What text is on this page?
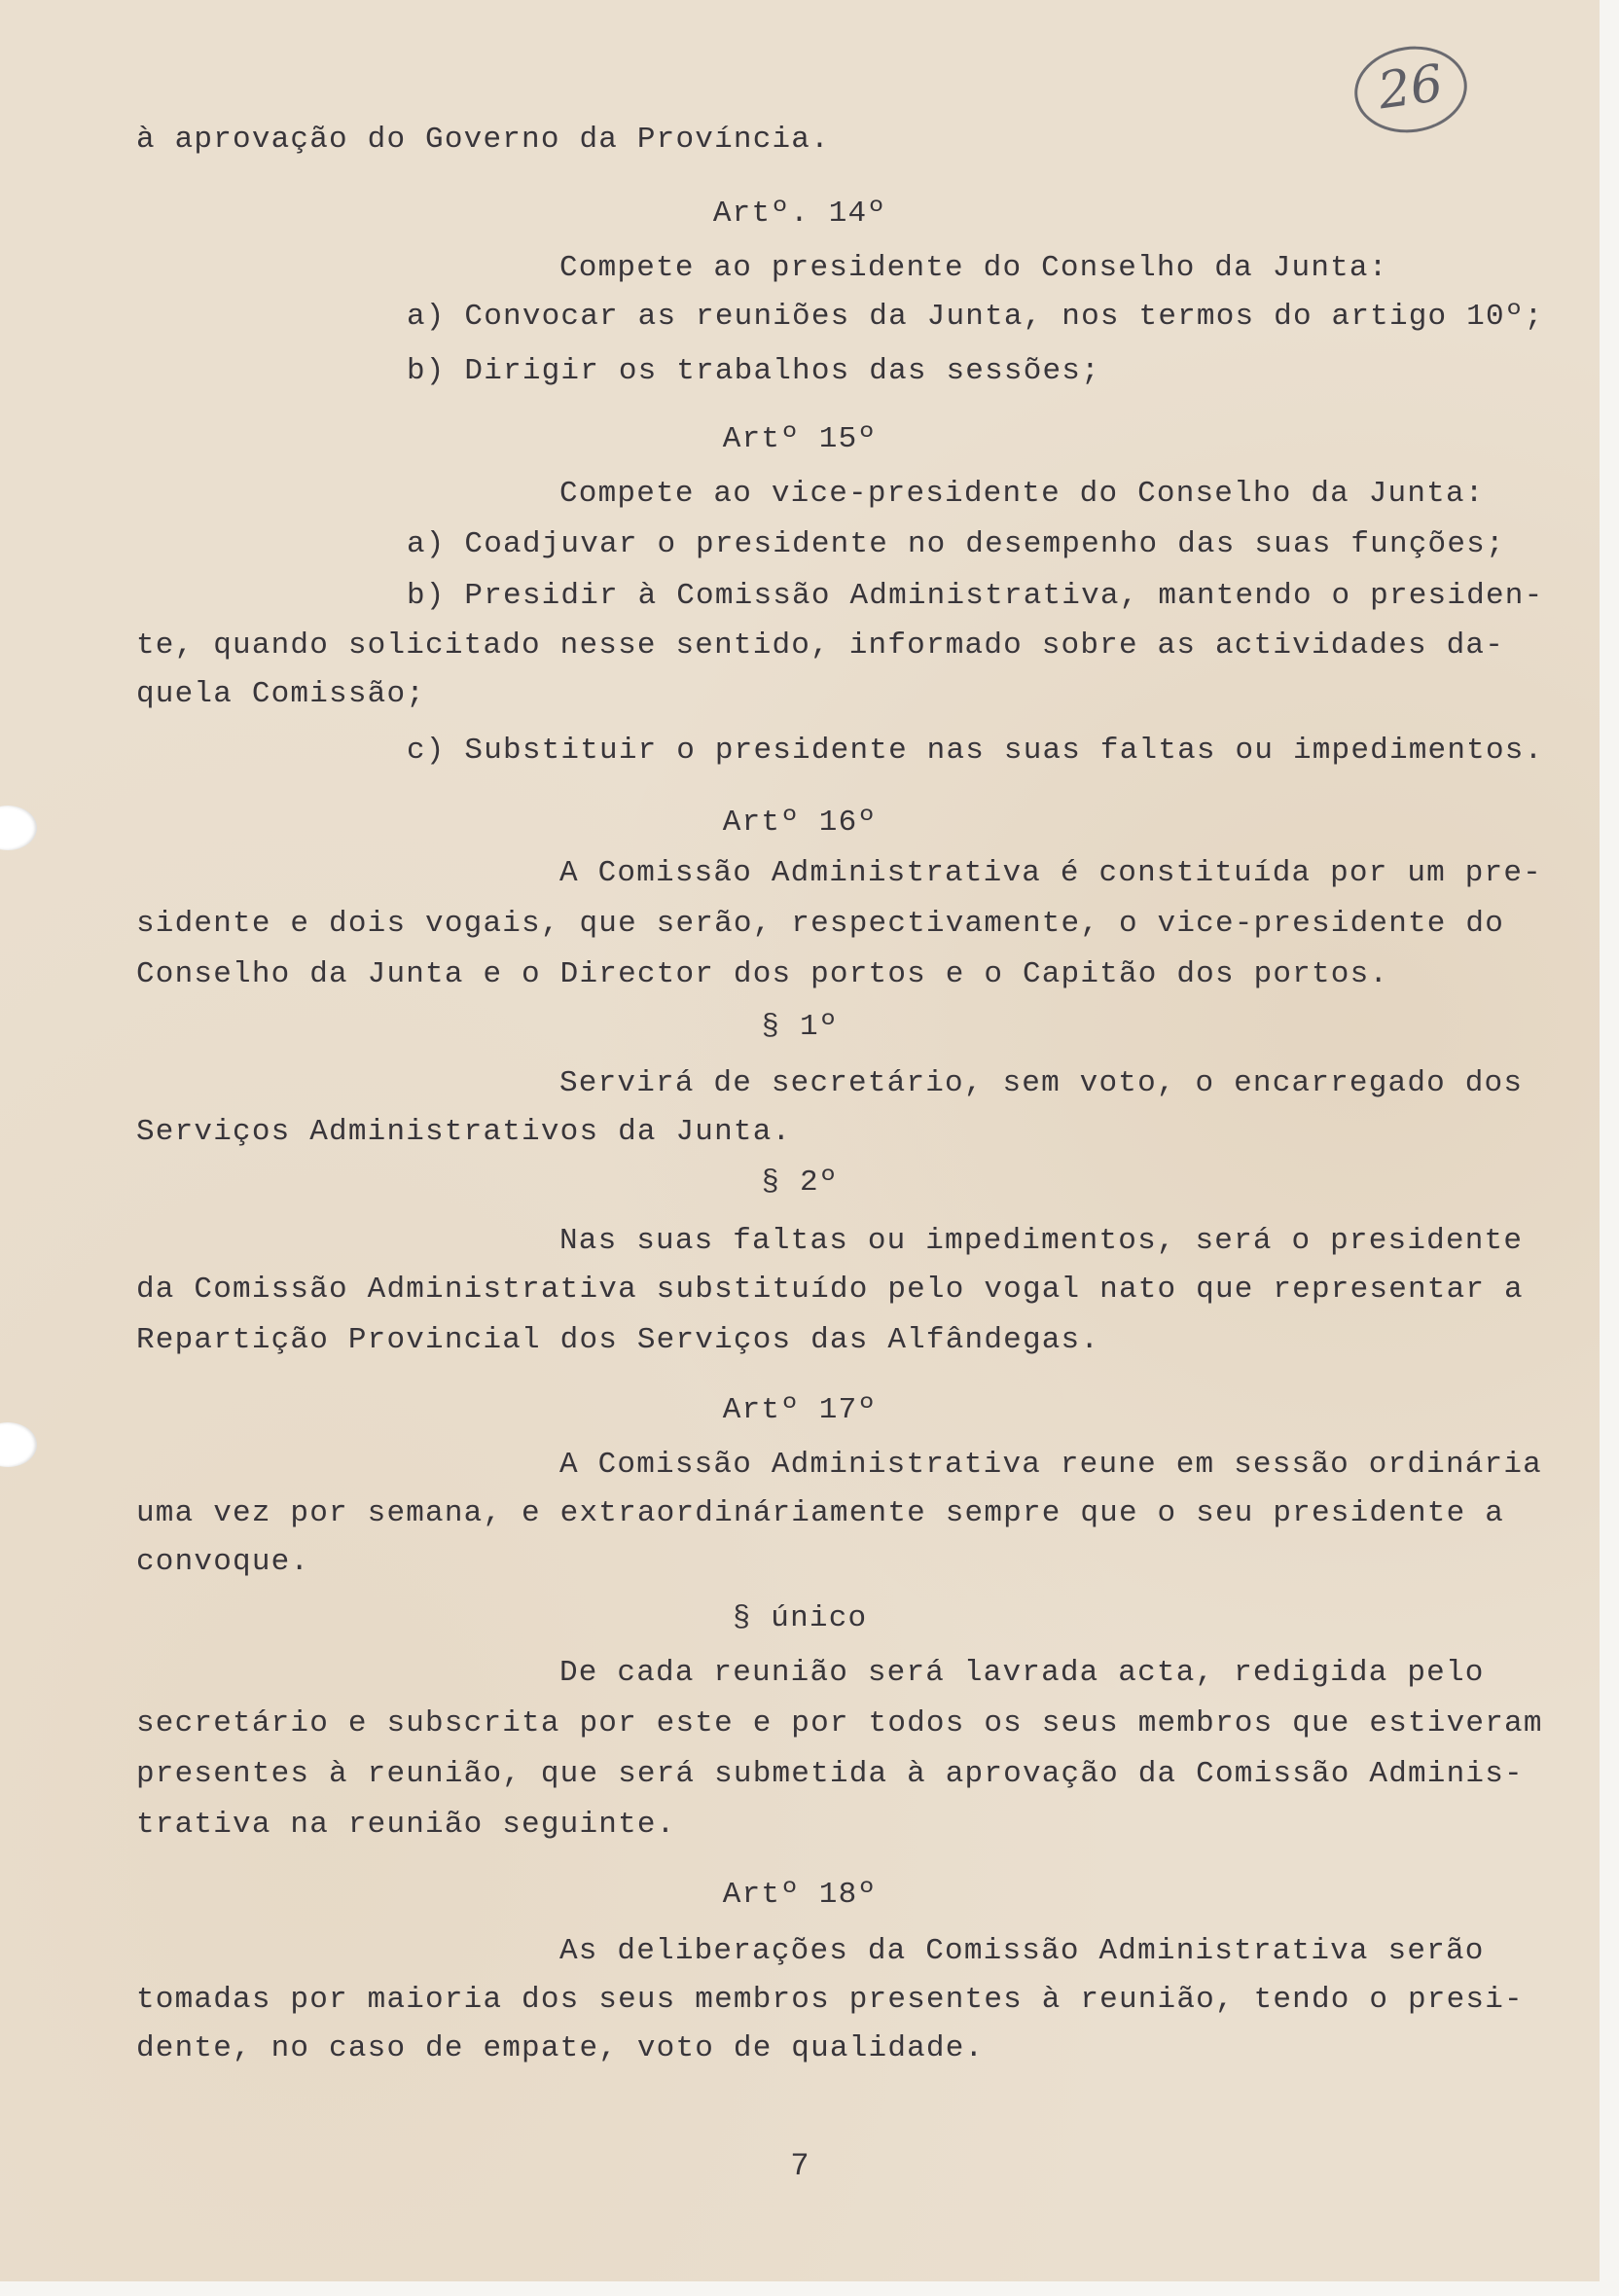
26
à aprovação do Governo da Província.
Artº. 14º
Compete ao presidente do Conselho da Junta:
a) Convocar as reuniões da Junta, nos termos do artigo 10º;
b) Dirigir os trabalhos das sessões;
Artº 15º
Compete ao vice-presidente do Conselho da Junta:
a) Coadjuvar o presidente no desempenho das suas funções;
b) Presidir à Comissão Administrativa, mantendo o presiden-
te, quando solicitado nesse sentido, informado sobre as actividades da-
quela Comissão;
c) Substituir o presidente nas suas faltas ou impedimentos.
Artº 16º
A Comissão Administrativa é constituída por um pre-
sidente e dois vogais, que serão, respectivamente, o vice-presidente do
Conselho da Junta e o Director dos portos e o Capitão dos portos.
§ 1º
Servirá de secretário, sem voto, o encarregado dos
Serviços Administrativos da Junta.
§ 2º
Nas suas faltas ou impedimentos, será o presidente
da Comissão Administrativa substituído pelo vogal nato que representar a
Repartição Provincial dos Serviços das Alfândegas.
Artº 17º
A Comissão Administrativa reune em sessão ordinária
uma vez por semana, e extraordináriamente sempre que o seu presidente a
convoque.
§ único
De cada reunião será lavrada acta, redigida pelo
secretário e subscrita por este e por todos os seus membros que estiveram
presentes à reunião, que será submetida à aprovação da Comissão Adminis-
trativa na reunião seguinte.
Artº 18º
As deliberações da Comissão Administrativa serão
tomadas por maioria dos seus membros presentes à reunião, tendo o presi-
dente, no caso de empate, voto de qualidade.
7
